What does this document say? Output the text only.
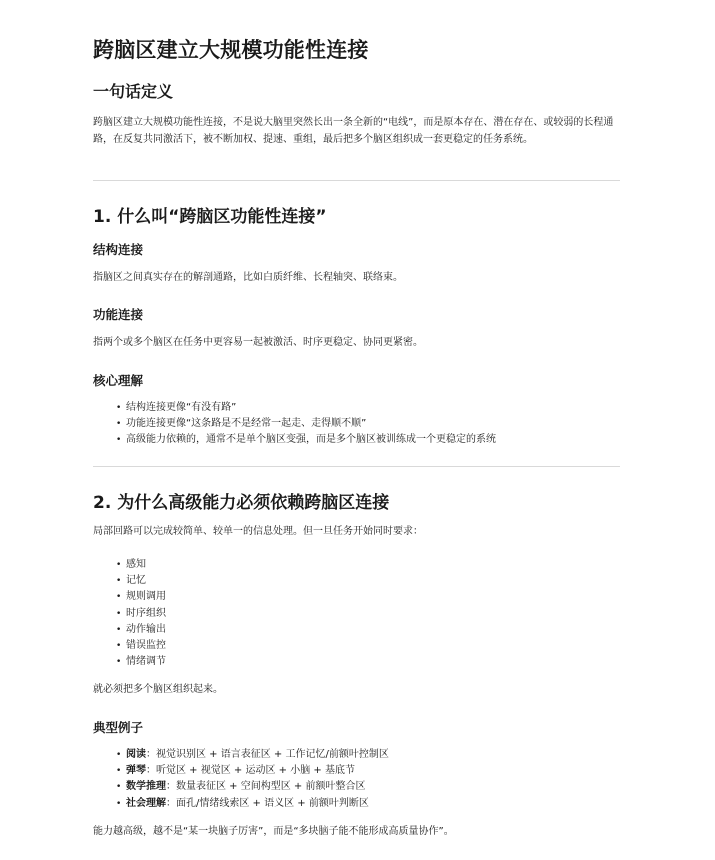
跨脑区建立大规模功能性连接
一句话定义

跨脑区建立大规模功能性连接，不是说大脑里突然长出一条全新的“电线”，而是原本存在、潜在存在、或较弱的长程通路，在反复共同激活下，被不断加权、提速、重组，最后把多个脑区组织成一套更稳定的任务系统。

1. 什么叫“跨脑区功能性连接”
结构连接

指脑区之间真实存在的解剖通路，比如白质纤维、长程轴突、联络束。

功能连接

指两个或多个脑区在任务中更容易一起被激活、时序更稳定、协同更紧密。

核心理解
• 结构连接更像“有没有路”
• 功能连接更像“这条路是不是经常一起走、走得顺不顺”
• 高级能力依赖的，通常不是单个脑区变强，而是多个脑区被训练成一个更稳定的系统
2. 为什么高级能力必须依赖跨脑区连接

局部回路可以完成较简单、较单一的信息处理。但一旦任务开始同时要求：

• 感知
• 记忆
• 规则调用
• 时序组织
• 动作输出
• 错误监控
• 情绪调节

就必须把多个脑区组织起来。

典型例子
• 阅读：视觉识别区 + 语言表征区 + 工作记忆/前额叶控制区
• 弹琴：听觉区 + 视觉区 + 运动区 + 小脑 + 基底节
• 数学推理：数量表征区 + 空间构型区 + 前额叶整合区
• 社会理解：面孔/情绪线索区 + 语义区 + 前额叶判断区

能力越高级，越不是“某一块脑子厉害”，而是“多块脑子能不能形成高质量协作”。
